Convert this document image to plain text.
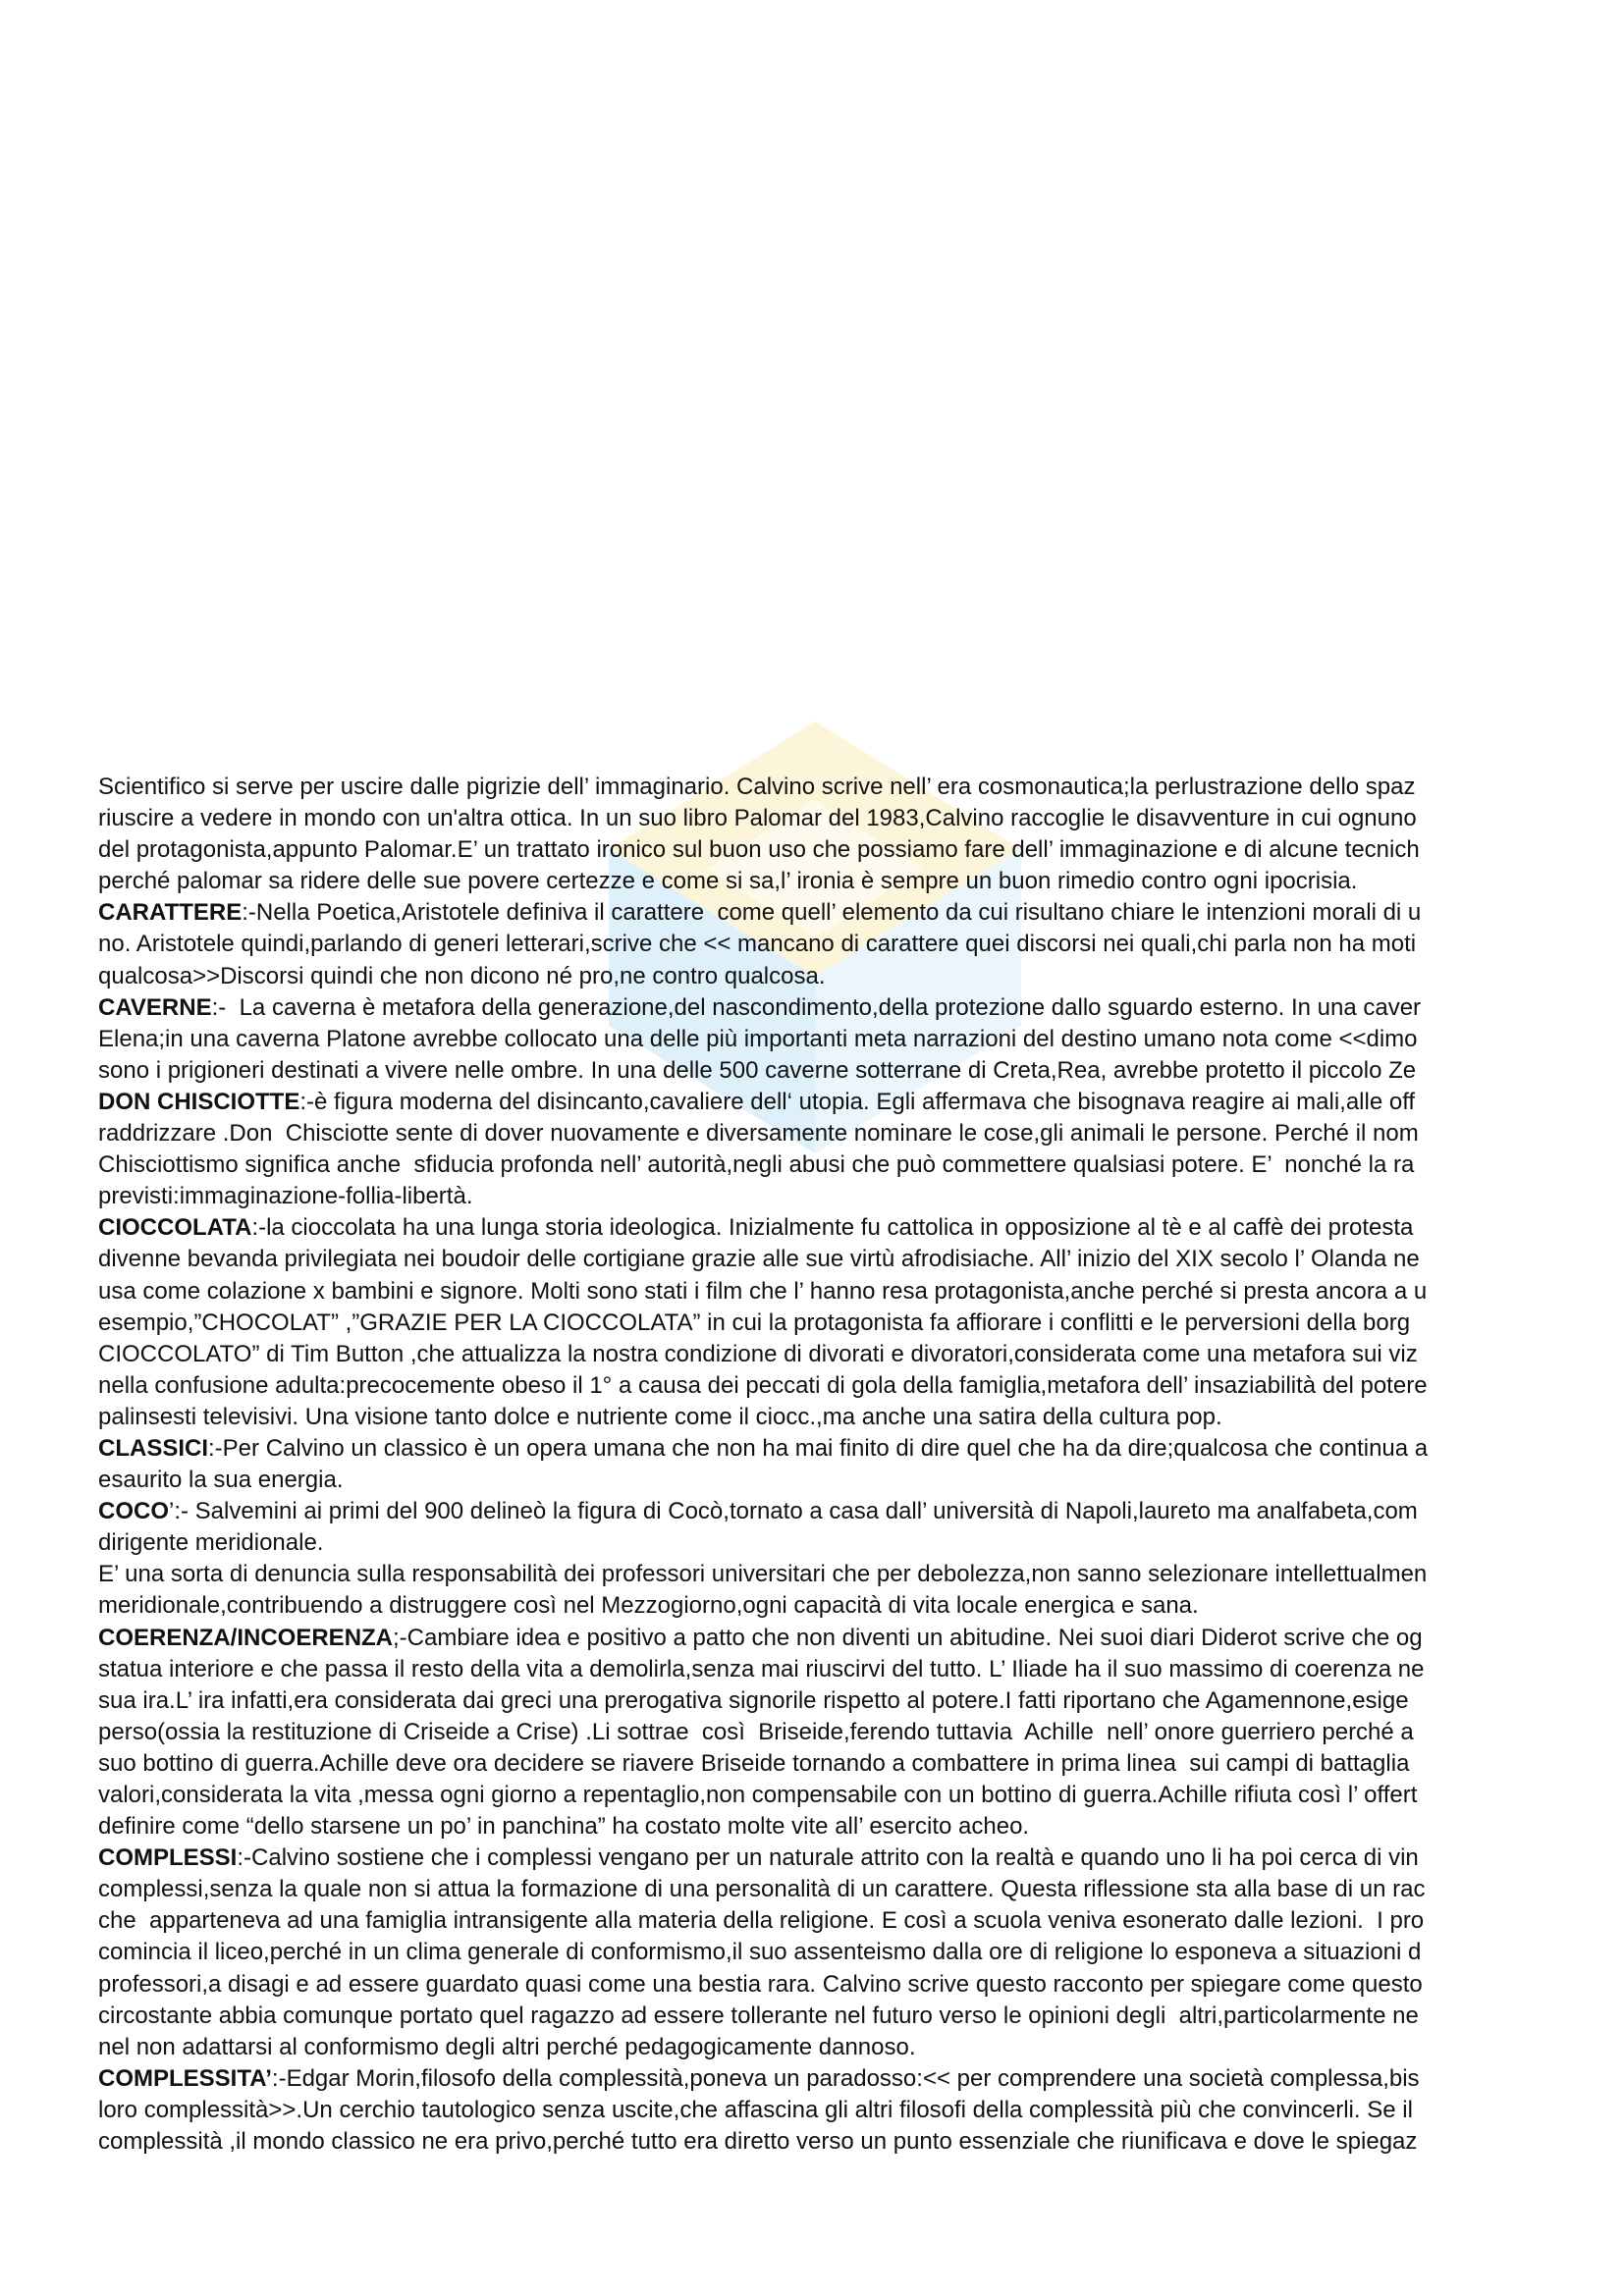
Scientifico si serve per uscire dalle pigrizie dell’ immaginario. Calvino scrive nell’ era cosmonautica;la perlustrazione dello spaz
riuscire a vedere in mondo con un'altra ottica. In un suo libro Palomar del 1983,Calvino raccoglie le disavventure in cui ognuno
del protagonista,appunto Palomar.E’ un trattato ironico sul buon uso che possiamo fare dell’ immaginazione e di alcune tecnich
perché palomar sa ridere delle sue povere certezze e come si sa,l’ ironia è sempre un buon rimedio contro ogni ipocrisia.
CARATTERE:-Nella Poetica,Aristotele definiva il carattere  come quell’ elemento da cui risultano chiare le intenzioni morali di u
no. Aristotele quindi,parlando di generi letterari,scrive che << mancano di carattere quei discorsi nei quali,chi parla non ha moti
qualcosa>>Discorsi quindi che non dicono né pro,ne contro qualcosa.
CAVERNE:-  La caverna è metafora della generazione,del nascondimento,della protezione dallo sguardo esterno. In una caver
Elena;in una caverna Platone avrebbe collocato una delle più importanti meta narrazioni del destino umano nota come <<dimo
sono i prigioneri destinati a vivere nelle ombre. In una delle 500 caverne sotterrane di Creta,Rea, avrebbe protetto il piccolo Ze
DON CHISCIOTTE:-è figura moderna del disincanto,cavaliere dell‘ utopia. Egli affermava che bisognava reagire ai mali,alle off
raddrizzare .Don  Chisciotte sente di dover nuovamente e diversamente nominare le cose,gli animali le persone. Perché il nom
Chisciottismo significa anche  sfiducia profonda nell’ autorità,negli abusi che può commettere qualsiasi potere. E’  nonché la ra
previsti:immaginazione-follia-libertà.
CIOCCOLATA:-la cioccolata ha una lunga storia ideologica. Inizialmente fu cattolica in opposizione al tè e al caffè dei protesta
divenne bevanda privilegiata nei boudoir delle cortigiane grazie alle sue virtù afrodisiache. All’ inizio del XIX secolo l’ Olanda ne
usa come colazione x bambini e signore. Molti sono stati i film che l’ hanno resa protagonista,anche perché si presta ancora a u
esempio,”CHOCOLAT” ,”GRAZIE PER LA CIOCCOLATA” in cui la protagonista fa affiorare i conflitti e le perversioni della borg
CIOCCOLATO” di Tim Button ,che attualizza la nostra condizione di divorati e divoratori,considerata come una metafora sui viz
nella confusione adulta:precocemente obeso il 1° a causa dei peccati di gola della famiglia,metafora dell’ insaziabilità del potere
palinsesti televisivi. Una visione tanto dolce e nutriente come il ciocc.,ma anche una satira della cultura pop.
CLASSICI:-Per Calvino un classico è un opera umana che non ha mai finito di dire quel che ha da dire;qualcosa che continua a
esaurito la sua energia.
COCO’:- Salvemini ai primi del 900 delineò la figura di Cocò,tornato a casa dall’ università di Napoli,laureto ma analfabeta,com
dirigente meridionale.
E’ una sorta di denuncia sulla responsabilità dei professori universitari che per debolezza,non sanno selezionare intellettualmen
meridionale,contribuendo a distruggere così nel Mezzogiorno,ogni capacità di vita locale energica e sana.
COERENZA/INCOERENZA;-Cambiare idea e positivo a patto che non diventi un abitudine. Nei suoi diari Diderot scrive che og
statua interiore e che passa il resto della vita a demolirla,senza mai riuscirvi del tutto. L’ Iliade ha il suo massimo di coerenza ne
sua ira.L’ ira infatti,era considerata dai greci una prerogativa signorile rispetto al potere.I fatti riportano che Agamennone,esige
perso(ossia la restituzione di Criseide a Crise) .Li sottrae  così  Briseide,ferendo tuttavia  Achille  nell’ onore guerriero perché a
suo bottino di guerra.Achille deve ora decidere se riavere Briseide tornando a combattere in prima linea  sui campi di battaglia
valori,considerata la vita ,messa ogni giorno a repentaglio,non compensabile con un bottino di guerra.Achille rifiuta così l’ offert
definire come “dello starsene un po’ in panchina” ha costato molte vite all’ esercito acheo.
COMPLESSI:-Calvino sostiene che i complessi vengano per un naturale attrito con la realtà e quando uno li ha poi cerca di vin
complessi,senza la quale non si attua la formazione di una personalità di un carattere. Questa riflessione sta alla base di un rac
che  apparteneva ad una famiglia intransigente alla materia della religione. E così a scuola veniva esonerato dalle lezioni.  I pro
comincia il liceo,perché in un clima generale di conformismo,il suo assenteismo dalla ore di religione lo esponeva a situazioni d
professori,a disagi e ad essere guardato quasi come una bestia rara. Calvino scrive questo racconto per spiegare come questo
circostante abbia comunque portato quel ragazzo ad essere tollerante nel futuro verso le opinioni degli  altri,particolarmente ne
nel non adattarsi al conformismo degli altri perché pedagogicamente dannoso.
COMPLESSITA’:-Edgar Morin,filosofo della complessità,poneva un paradosso:<< per comprendere una società complessa,bis
loro complessità>>.Un cerchio tautologico senza uscite,che affascina gli altri filosofi della complessità più che convincerli. Se il
complessità ,il mondo classico ne era privo,perché tutto era diretto verso un punto essenziale che riunificava e dove le spiegaz
